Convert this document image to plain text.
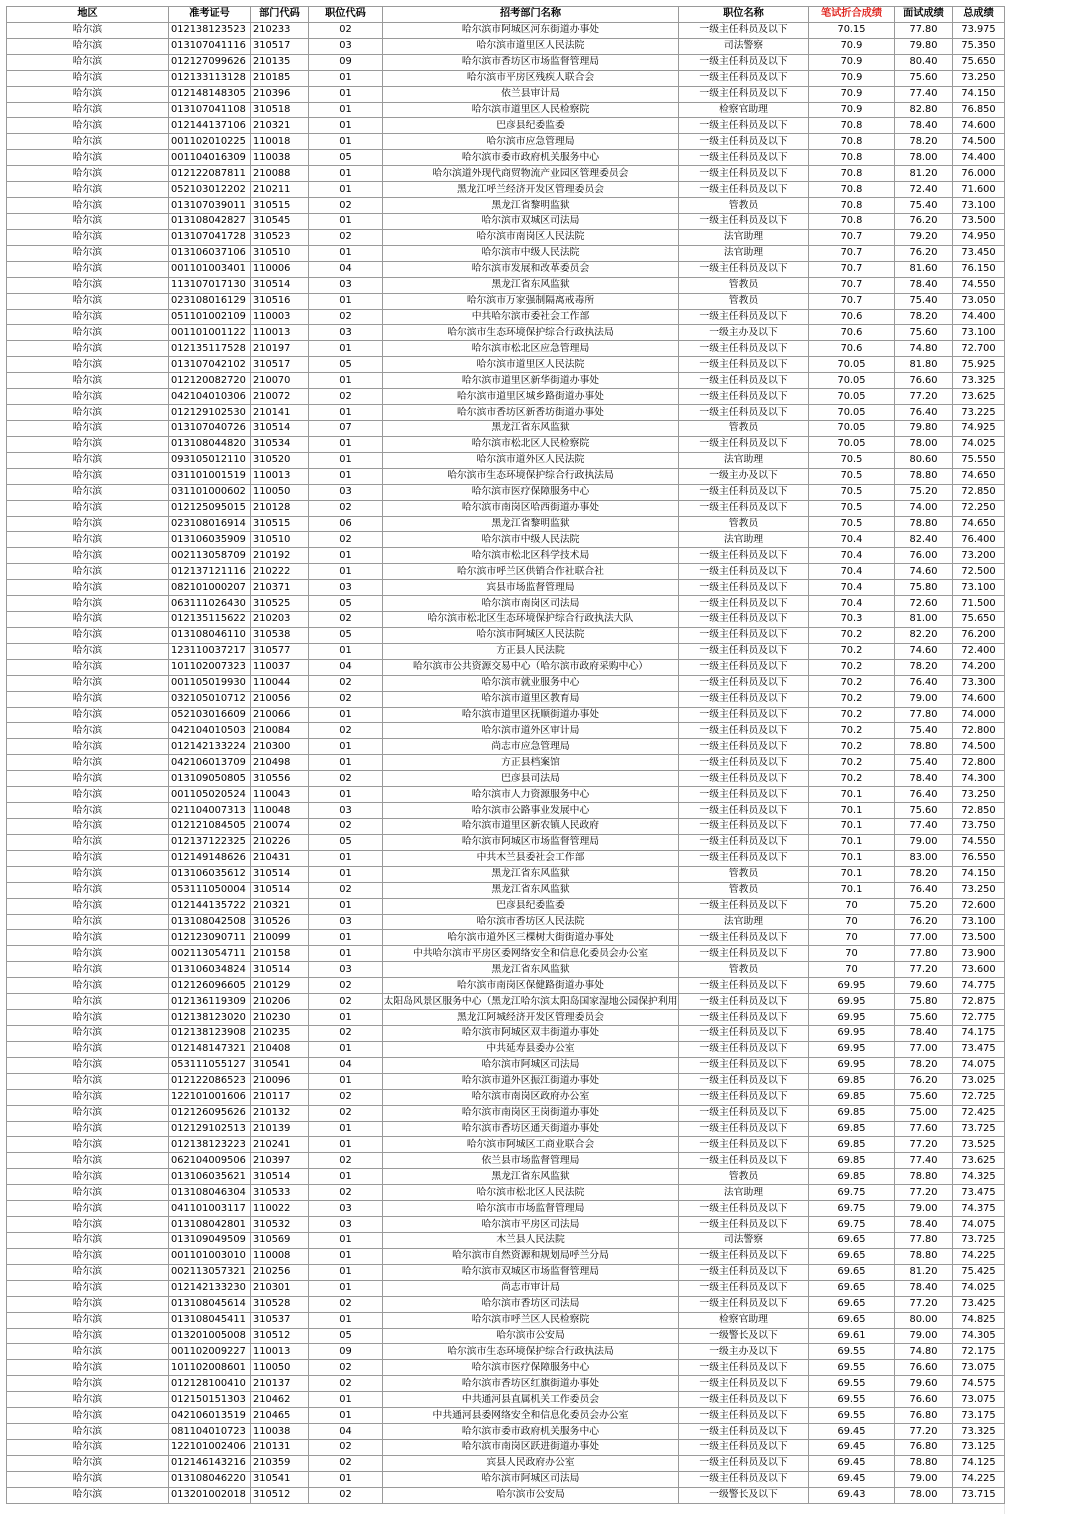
地区	准考证号	部门代码	职位代码	招考部门名称	职位名称	笔试折合成绩	面试成绩	总成绩
哈尔滨	012138123523	210233	02	哈尔滨市阿城区河东街道办事处	一级主任科员及以下	70.15	77.80	73.975
哈尔滨	013107041116	310517	03	哈尔滨市道里区人民法院	司法警察	70.9	79.80	75.350
哈尔滨	012127099626	210135	09	哈尔滨市香坊区市场监督管理局	一级主任科员及以下	70.9	80.40	75.650
哈尔滨	012133113128	210185	01	哈尔滨市平房区残疾人联合会	一级主任科员及以下	70.9	75.60	73.250
哈尔滨	012148148305	210396	01	依兰县审计局	一级主任科员及以下	70.9	77.40	74.150
哈尔滨	013107041108	310518	01	哈尔滨市道里区人民检察院	检察官助理	70.9	82.80	76.850
哈尔滨	012144137106	210321	01	巴彦县纪委监委	一级主任科员及以下	70.8	78.40	74.600
哈尔滨	001102010225	110018	01	哈尔滨市应急管理局	一级主任科员及以下	70.8	78.20	74.500
哈尔滨	001104016309	110038	05	哈尔滨市委市政府机关服务中心	一级主任科员及以下	70.8	78.00	74.400
哈尔滨	012122087811	210088	01	哈尔滨道外现代商贸物流产业园区管理委员会	一级主任科员及以下	70.8	81.20	76.000
哈尔滨	052103012202	210211	01	黑龙江呼兰经济开发区管理委员会	一级主任科员及以下	70.8	72.40	71.600
哈尔滨	013107039011	310515	02	黑龙江省黎明监狱	管教员	70.8	75.40	73.100
哈尔滨	013108042827	310545	01	哈尔滨市双城区司法局	一级主任科员及以下	70.8	76.20	73.500
哈尔滨	013107041728	310523	02	哈尔滨市南岗区人民法院	法官助理	70.7	79.20	74.950
哈尔滨	013106037106	310510	01	哈尔滨市中级人民法院	法官助理	70.7	76.20	73.450
哈尔滨	001101003401	110006	04	哈尔滨市发展和改革委员会	一级主任科员及以下	70.7	81.60	76.150
哈尔滨	113107017130	310514	03	黑龙江省东风监狱	管教员	70.7	78.40	74.550
哈尔滨	023108016129	310516	01	哈尔滨市万家强制隔离戒毒所	管教员	70.7	75.40	73.050
哈尔滨	051101002109	110003	02	中共哈尔滨市委社会工作部	一级主任科员及以下	70.6	78.20	74.400
哈尔滨	001101001122	110013	03	哈尔滨市生态环境保护综合行政执法局	一级主办及以下	70.6	75.60	73.100
哈尔滨	012135117528	210197	01	哈尔滨市松北区应急管理局	一级主任科员及以下	70.6	74.80	72.700
哈尔滨	013107042102	310517	05	哈尔滨市道里区人民法院	一级主任科员及以下	70.05	81.80	75.925
哈尔滨	012120082720	210070	01	哈尔滨市道里区新华街道办事处	一级主任科员及以下	70.05	76.60	73.325
哈尔滨	042104010306	210072	02	哈尔滨市道里区城乡路街道办事处	一级主任科员及以下	70.05	77.20	73.625
哈尔滨	012129102530	210141	01	哈尔滨市香坊区新香坊街道办事处	一级主任科员及以下	70.05	76.40	73.225
哈尔滨	013107040726	310514	07	黑龙江省东风监狱	管教员	70.05	79.80	74.925
哈尔滨	013108044820	310534	01	哈尔滨市松北区人民检察院	一级主任科员及以下	70.05	78.00	74.025
哈尔滨	093105012110	310520	01	哈尔滨市道外区人民法院	法官助理	70.5	80.60	75.550
哈尔滨	031101001519	110013	01	哈尔滨市生态环境保护综合行政执法局	一级主办及以下	70.5	78.80	74.650
哈尔滨	031101000602	110050	03	哈尔滨市医疗保障服务中心	一级主任科员及以下	70.5	75.20	72.850
哈尔滨	012125095015	210128	02	哈尔滨市南岗区哈西街道办事处	一级主任科员及以下	70.5	74.00	72.250
哈尔滨	023108016914	310515	06	黑龙江省黎明监狱	管教员	70.5	78.80	74.650
哈尔滨	013106035909	310510	02	哈尔滨市中级人民法院	法官助理	70.4	82.40	76.400
哈尔滨	002113058709	210192	01	哈尔滨市松北区科学技术局	一级主任科员及以下	70.4	76.00	73.200
哈尔滨	012137121116	210222	01	哈尔滨市呼兰区供销合作社联合社	一级主任科员及以下	70.4	74.60	72.500
哈尔滨	082101000207	210371	03	宾县市场监督管理局	一级主任科员及以下	70.4	75.80	73.100
哈尔滨	063111026430	310525	05	哈尔滨市南岗区司法局	一级主任科员及以下	70.4	72.60	71.500
哈尔滨	012135115622	210203	02	哈尔滨市松北区生态环境保护综合行政执法大队	一级主任科员及以下	70.3	81.00	75.650
哈尔滨	013108046110	310538	05	哈尔滨市阿城区人民法院	一级主任科员及以下	70.2	82.20	76.200
哈尔滨	123110037217	310577	01	方正县人民法院	一级主任科员及以下	70.2	74.60	72.400
哈尔滨	101102007323	110037	04	哈尔滨市公共资源交易中心（哈尔滨市政府采购中心）	一级主任科员及以下	70.2	78.20	74.200
哈尔滨	001105019930	110044	02	哈尔滨市就业服务中心	一级主任科员及以下	70.2	76.40	73.300
哈尔滨	032105010712	210056	02	哈尔滨市道里区教育局	一级主任科员及以下	70.2	79.00	74.600
哈尔滨	052103016609	210066	01	哈尔滨市道里区抚顺街道办事处	一级主任科员及以下	70.2	77.80	74.000
哈尔滨	042104010503	210084	02	哈尔滨市道外区审计局	一级主任科员及以下	70.2	75.40	72.800
哈尔滨	012142133224	210300	01	尚志市应急管理局	一级主任科员及以下	70.2	78.80	74.500
哈尔滨	042106013709	210498	01	方正县档案馆	一级主任科员及以下	70.2	75.40	72.800
哈尔滨	013109050805	310556	02	巴彦县司法局	一级主任科员及以下	70.2	78.40	74.300
哈尔滨	001105020524	110043	01	哈尔滨市人力资源服务中心	一级主任科员及以下	70.1	76.40	73.250
哈尔滨	021104007313	110048	03	哈尔滨市公路事业发展中心	一级主任科员及以下	70.1	75.60	72.850
哈尔滨	012121084505	210074	02	哈尔滨市道里区新农镇人民政府	一级主任科员及以下	70.1	77.40	73.750
哈尔滨	012137122325	210226	05	哈尔滨市阿城区市场监督管理局	一级主任科员及以下	70.1	79.00	74.550
哈尔滨	012149148626	210431	01	中共木兰县委社会工作部	一级主任科员及以下	70.1	83.00	76.550
哈尔滨	013106035612	310514	01	黑龙江省东风监狱	管教员	70.1	78.20	74.150
哈尔滨	053111050004	310514	02	黑龙江省东风监狱	管教员	70.1	76.40	73.250
哈尔滨	012144135722	210321	01	巴彦县纪委监委	一级主任科员及以下	70	75.20	72.600
哈尔滨	013108042508	310526	03	哈尔滨市香坊区人民法院	法官助理	70	76.20	73.100
哈尔滨	012123090711	210099	01	哈尔滨市道外区三棵树大街街道办事处	一级主任科员及以下	70	77.00	73.500
哈尔滨	002113054711	210158	01	中共哈尔滨市平房区委网络安全和信息化委员会办公室	一级主任科员及以下	70	77.80	73.900
哈尔滨	013106034824	310514	03	黑龙江省东风监狱	管教员	70	77.20	73.600
哈尔滨	012126096605	210129	02	哈尔滨市南岗区保健路街道办事处	一级主任科员及以下	69.95	79.60	74.775
哈尔滨	012136119309	210206	02	太阳岛风景区服务中心（黑龙江哈尔滨太阳岛国家湿地公园保护利用	一级主任科员及以下	69.95	75.80	72.875
哈尔滨	012138123020	210230	01	黑龙江阿城经济开发区管理委员会	一级主任科员及以下	69.95	75.60	72.775
哈尔滨	012138123908	210235	02	哈尔滨市阿城区双丰街道办事处	一级主任科员及以下	69.95	78.40	74.175
哈尔滨	012148147321	210408	01	中共延寿县委办公室	一级主任科员及以下	69.95	77.00	73.475
哈尔滨	053111055127	310541	04	哈尔滨市阿城区司法局	一级主任科员及以下	69.95	78.20	74.075
哈尔滨	012122086523	210096	01	哈尔滨市道外区振江街道办事处	一级主任科员及以下	69.85	76.20	73.025
哈尔滨	122101001606	210117	02	哈尔滨市南岗区政府办公室	一级主任科员及以下	69.85	75.60	72.725
哈尔滨	012126095626	210132	02	哈尔滨市南岗区王岗街道办事处	一级主任科员及以下	69.85	75.00	72.425
哈尔滨	012129102513	210139	01	哈尔滨市香坊区通天街道办事处	一级主任科员及以下	69.85	77.60	73.725
哈尔滨	012138123223	210241	01	哈尔滨市阿城区工商业联合会	一级主任科员及以下	69.85	77.20	73.525
哈尔滨	062104009506	210397	02	依兰县市场监督管理局	一级主任科员及以下	69.85	77.40	73.625
哈尔滨	013106035621	310514	01	黑龙江省东风监狱	管教员	69.85	78.80	74.325
哈尔滨	013108046304	310533	02	哈尔滨市松北区人民法院	法官助理	69.75	77.20	73.475
哈尔滨	041101003117	110022	03	哈尔滨市市场监督管理局	一级主任科员及以下	69.75	79.00	74.375
哈尔滨	013108042801	310532	03	哈尔滨市平房区司法局	一级主任科员及以下	69.75	78.40	74.075
哈尔滨	013109049509	310569	01	木兰县人民法院	司法警察	69.65	77.80	73.725
哈尔滨	001101003010	110008	01	哈尔滨市自然资源和规划局呼兰分局	一级主任科员及以下	69.65	78.80	74.225
哈尔滨	002113057321	210256	01	哈尔滨市双城区市场监督管理局	一级主任科员及以下	69.65	81.20	75.425
哈尔滨	012142133230	210301	01	尚志市审计局	一级主任科员及以下	69.65	78.40	74.025
哈尔滨	013108045614	310528	02	哈尔滨市香坊区司法局	一级主任科员及以下	69.65	77.20	73.425
哈尔滨	013108045411	310537	01	哈尔滨市呼兰区人民检察院	检察官助理	69.65	80.00	74.825
哈尔滨	013201005008	310512	05	哈尔滨市公安局	一级警长及以下	69.61	79.00	74.305
哈尔滨	001102009227	110013	09	哈尔滨市生态环境保护综合行政执法局	一级主办及以下	69.55	74.80	72.175
哈尔滨	101102008601	110050	02	哈尔滨市医疗保障服务中心	一级主任科员及以下	69.55	76.60	73.075
哈尔滨	012128100410	210137	02	哈尔滨市香坊区红旗街道办事处	一级主任科员及以下	69.55	79.60	74.575
哈尔滨	012150151303	210462	01	中共通河县直属机关工作委员会	一级主任科员及以下	69.55	76.60	73.075
哈尔滨	042106013519	210465	01	中共通河县委网络安全和信息化委员会办公室	一级主任科员及以下	69.55	76.80	73.175
哈尔滨	081104010723	110038	04	哈尔滨市委市政府机关服务中心	一级主任科员及以下	69.45	77.20	73.325
哈尔滨	122101002406	210131	02	哈尔滨市南岗区跃进街道办事处	一级主任科员及以下	69.45	76.80	73.125
哈尔滨	012146143216	210359	02	宾县人民政府办公室	一级主任科员及以下	69.45	78.80	74.125
哈尔滨	013108046220	310541	01	哈尔滨市阿城区司法局	一级主任科员及以下	69.45	79.00	74.225
哈尔滨	013201002018	310512	02	哈尔滨市公安局	一级警长及以下	69.43	78.00	73.715
